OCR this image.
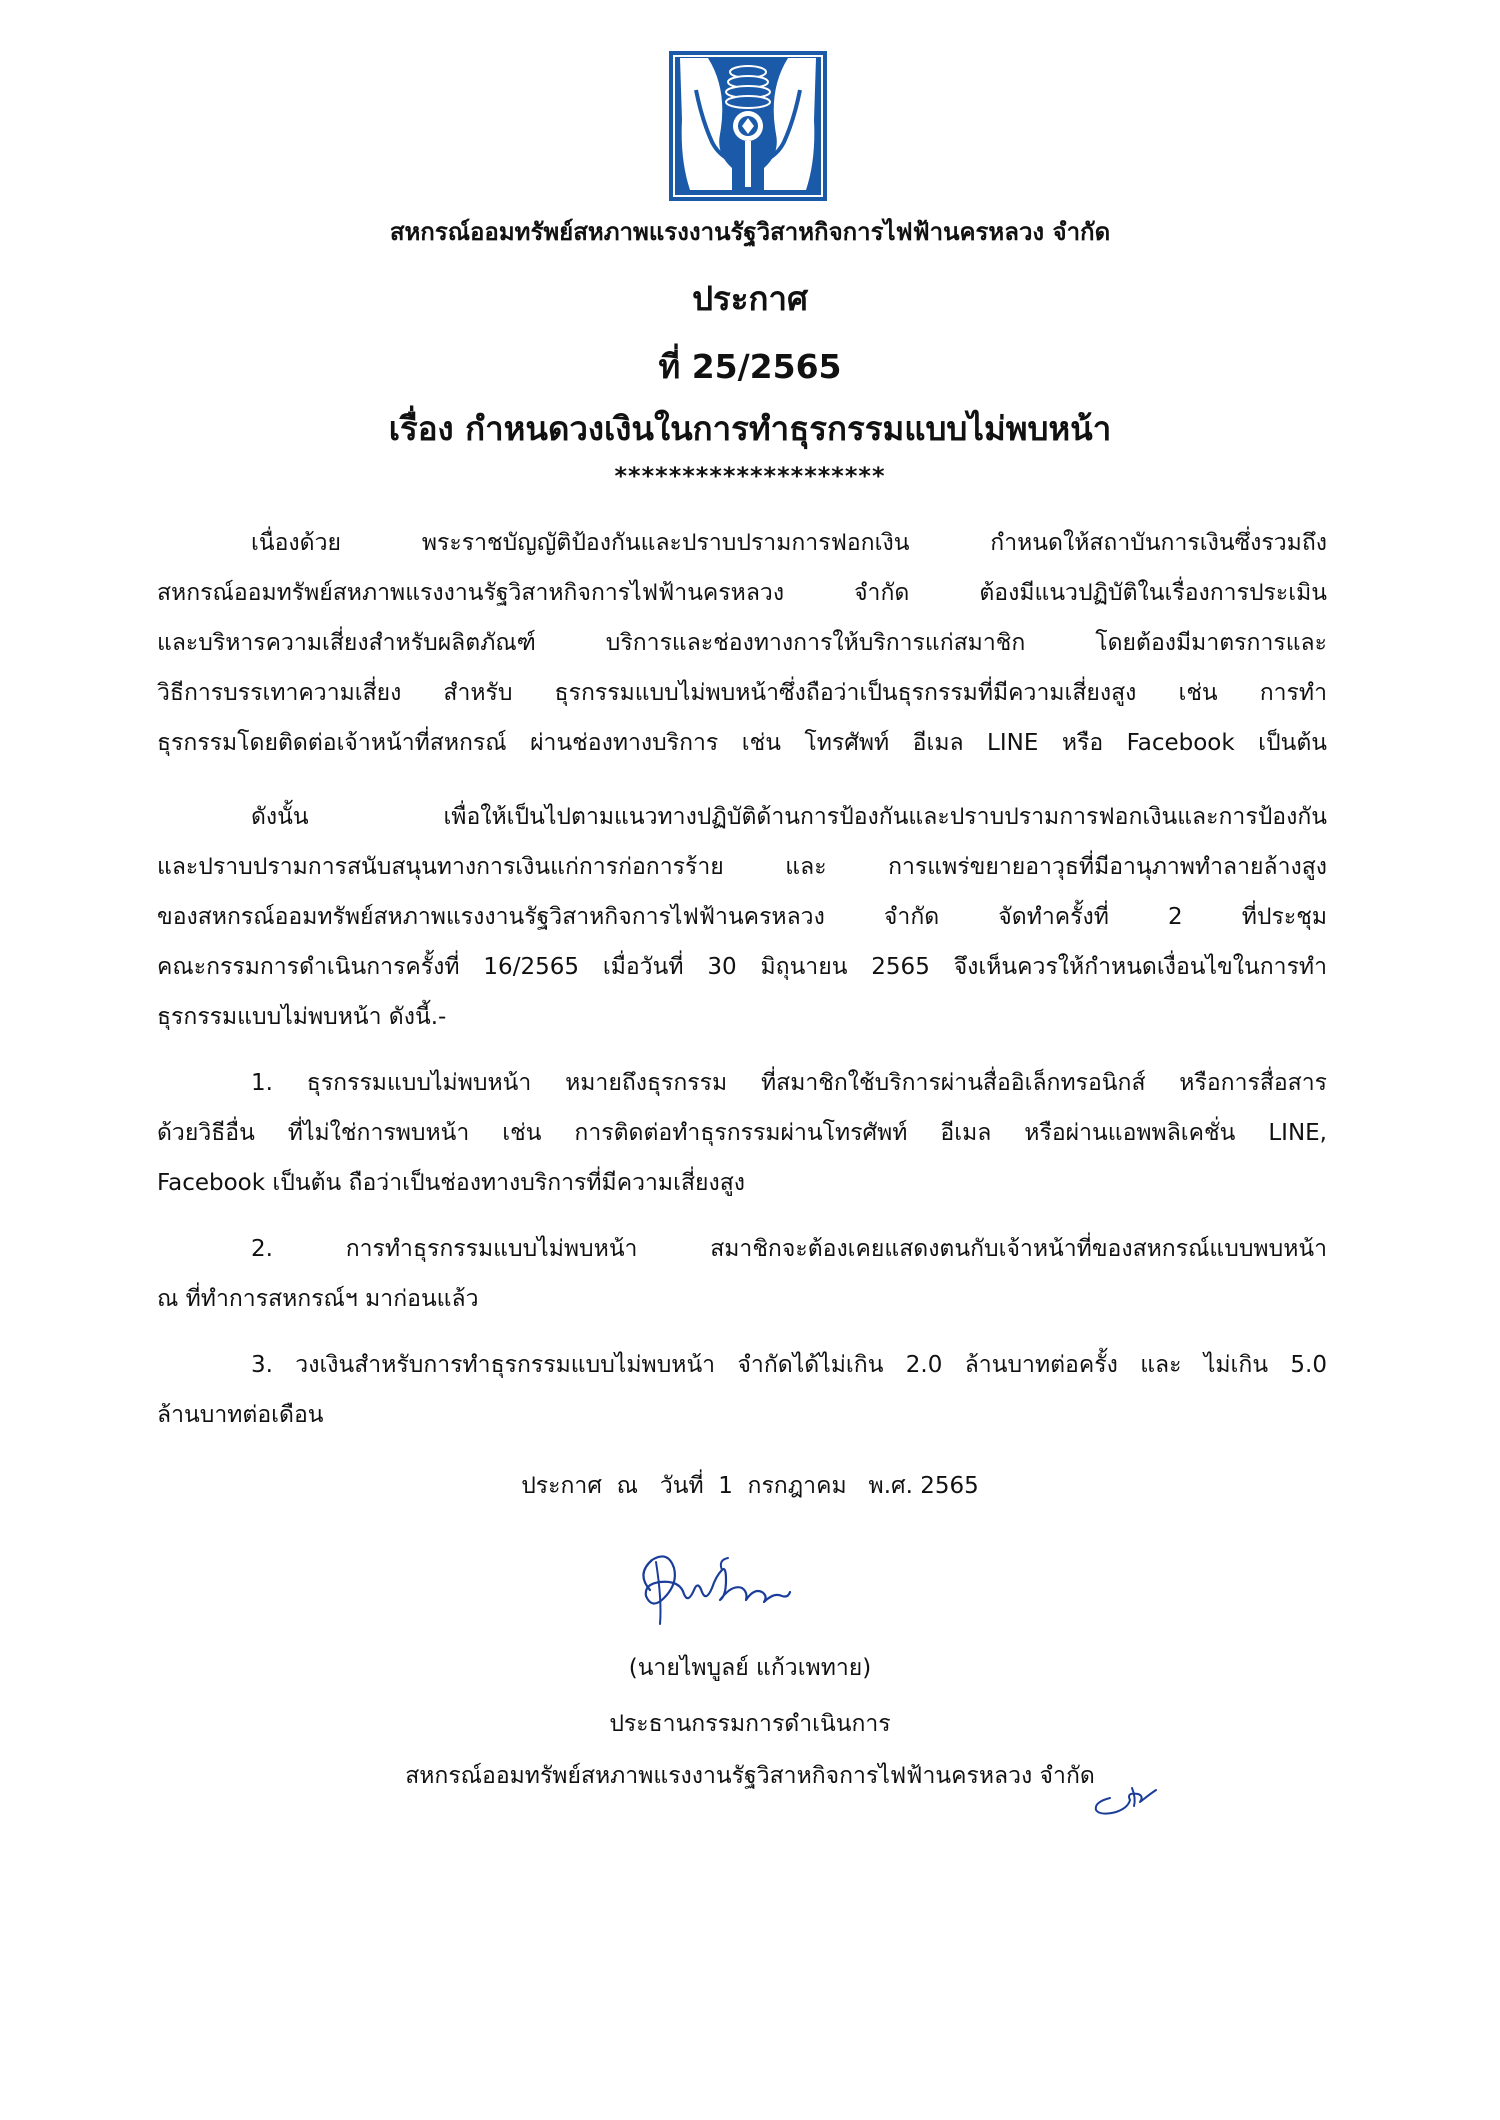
สหกรณ์ออมทรัพย์สหภาพแรงงานรัฐวิสาหกิจการไฟฟ้านครหลวง จำกัด
ประกาศ
ที่ 25/2565
เรื่อง กำหนดวงเงินในการทำธุรกรรมแบบไม่พบหน้า
********************
เนื่องด้วย พระราชบัญญัติป้องกันและปราบปรามการฟอกเงิน กำหนดให้สถาบันการเงินซึ่งรวมถึง
สหกรณ์ออมทรัพย์สหภาพแรงงานรัฐวิสาหกิจการไฟฟ้านครหลวง จำกัด ต้องมีแนวปฏิบัติในเรื่องการประเมิน
และบริหารความเสี่ยงสำหรับผลิตภัณฑ์ บริการและช่องทางการให้บริการแก่สมาชิก โดยต้องมีมาตรการและ
วิธีการบรรเทาความเสี่ยง สำหรับ ธุรกรรมแบบไม่พบหน้าซึ่งถือว่าเป็นธุรกรรมที่มีความเสี่ยงสูง เช่น การทำ
ธุรกรรมโดยติดต่อเจ้าหน้าที่สหกรณ์ ผ่านช่องทางบริการ เช่น โทรศัพท์ อีเมล LINE หรือ Facebook เป็นต้น
ดังนั้น เพื่อให้เป็นไปตามแนวทางปฏิบัติด้านการป้องกันและปราบปรามการฟอกเงินและการป้องกัน
และปราบปรามการสนับสนุนทางการเงินแก่การก่อการร้าย และ การแพร่ขยายอาวุธที่มีอานุภาพทำลายล้างสูง
ของสหกรณ์ออมทรัพย์สหภาพแรงงานรัฐวิสาหกิจการไฟฟ้านครหลวง จำกัด จัดทำครั้งที่ 2 ที่ประชุม
คณะกรรมการดำเนินการครั้งที่ 16/2565 เมื่อวันที่ 30 มิถุนายน 2565 จึงเห็นควรให้กำหนดเงื่อนไขในการทำ
ธุรกรรมแบบไม่พบหน้า ดังนี้.-
1. ธุรกรรมแบบไม่พบหน้า หมายถึงธุรกรรม ที่สมาชิกใช้บริการผ่านสื่ออิเล็กทรอนิกส์ หรือการสื่อสาร
ด้วยวิธีอื่น ที่ไม่ใช่การพบหน้า เช่น การติดต่อทำธุรกรรมผ่านโทรศัพท์ อีเมล หรือผ่านแอพพลิเคชั่น LINE,
Facebook เป็นต้น ถือว่าเป็นช่องทางบริการที่มีความเสี่ยงสูง
2. การทำธุรกรรมแบบไม่พบหน้า สมาชิกจะต้องเคยแสดงตนกับเจ้าหน้าที่ของสหกรณ์แบบพบหน้า
ณ ที่ทำการสหกรณ์ฯ มาก่อนแล้ว
3. วงเงินสำหรับการทำธุรกรรมแบบไม่พบหน้า จำกัดได้ไม่เกิน 2.0 ล้านบาทต่อครั้ง และ ไม่เกิน 5.0
ล้านบาทต่อเดือน
ประกาศ  ณ   วันที่  1  กรกฎาคม   พ.ศ. 2565
(นายไพบูลย์ แก้วเพทาย)
ประธานกรรมการดำเนินการ
สหกรณ์ออมทรัพย์สหภาพแรงงานรัฐวิสาหกิจการไฟฟ้านครหลวง จำกัด
